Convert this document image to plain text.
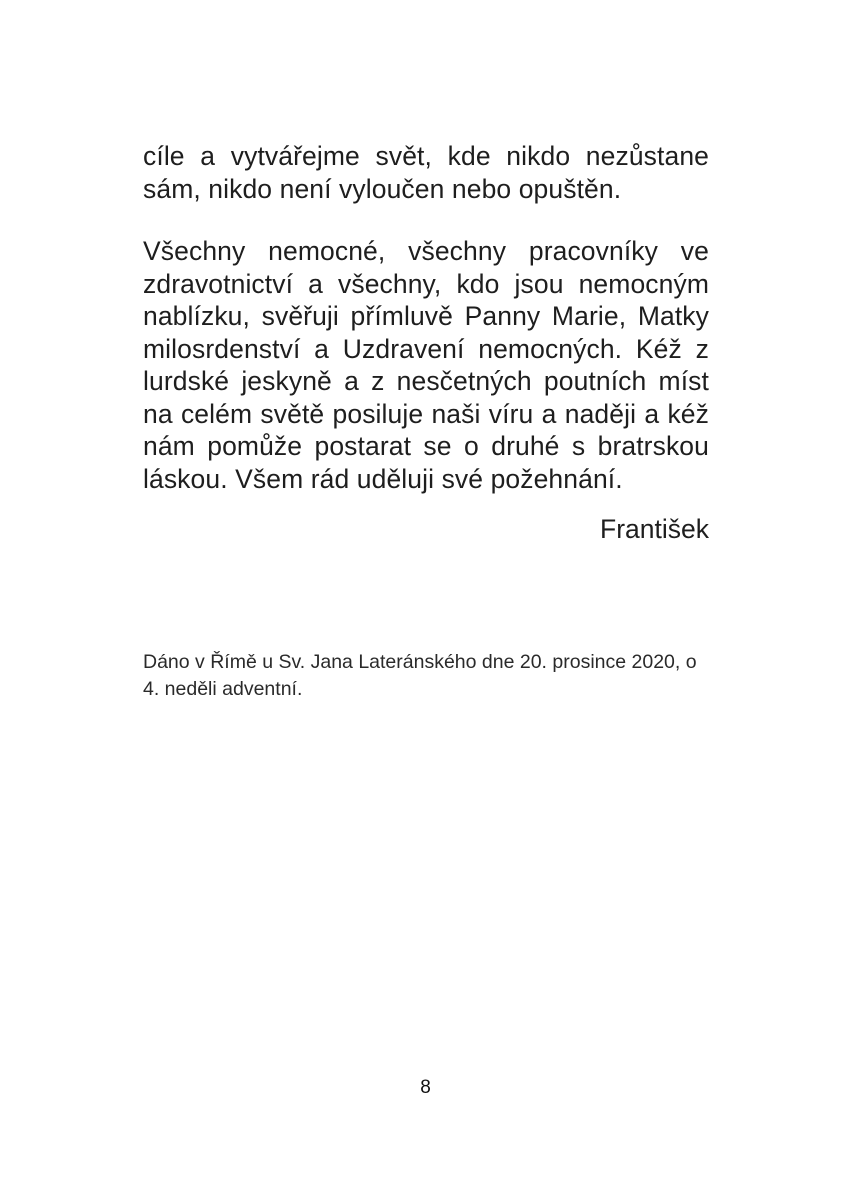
cíle a vytvářejme svět, kde nikdo nezůstane sám, nikdo není vyloučen nebo opuštěn.

Všechny nemocné, všechny pracovníky ve zdravotnictví a všechny, kdo jsou nemocným nablízku, svěřuji přímluvě Panny Marie, Matky milosrdenství a Uzdravení nemocných. Kéž z lurdské jeskyně a z nesčetných poutních míst na celém světě posiluje naši víru a naději a kéž nám pomůže postarat se o druhé s bratrskou láskou. Všem rád uděluji své požehnání.

František

Dáno v Římě u Sv. Jana Lateránského dne 20. prosince 2020, o 4. neděli adventní.

8
